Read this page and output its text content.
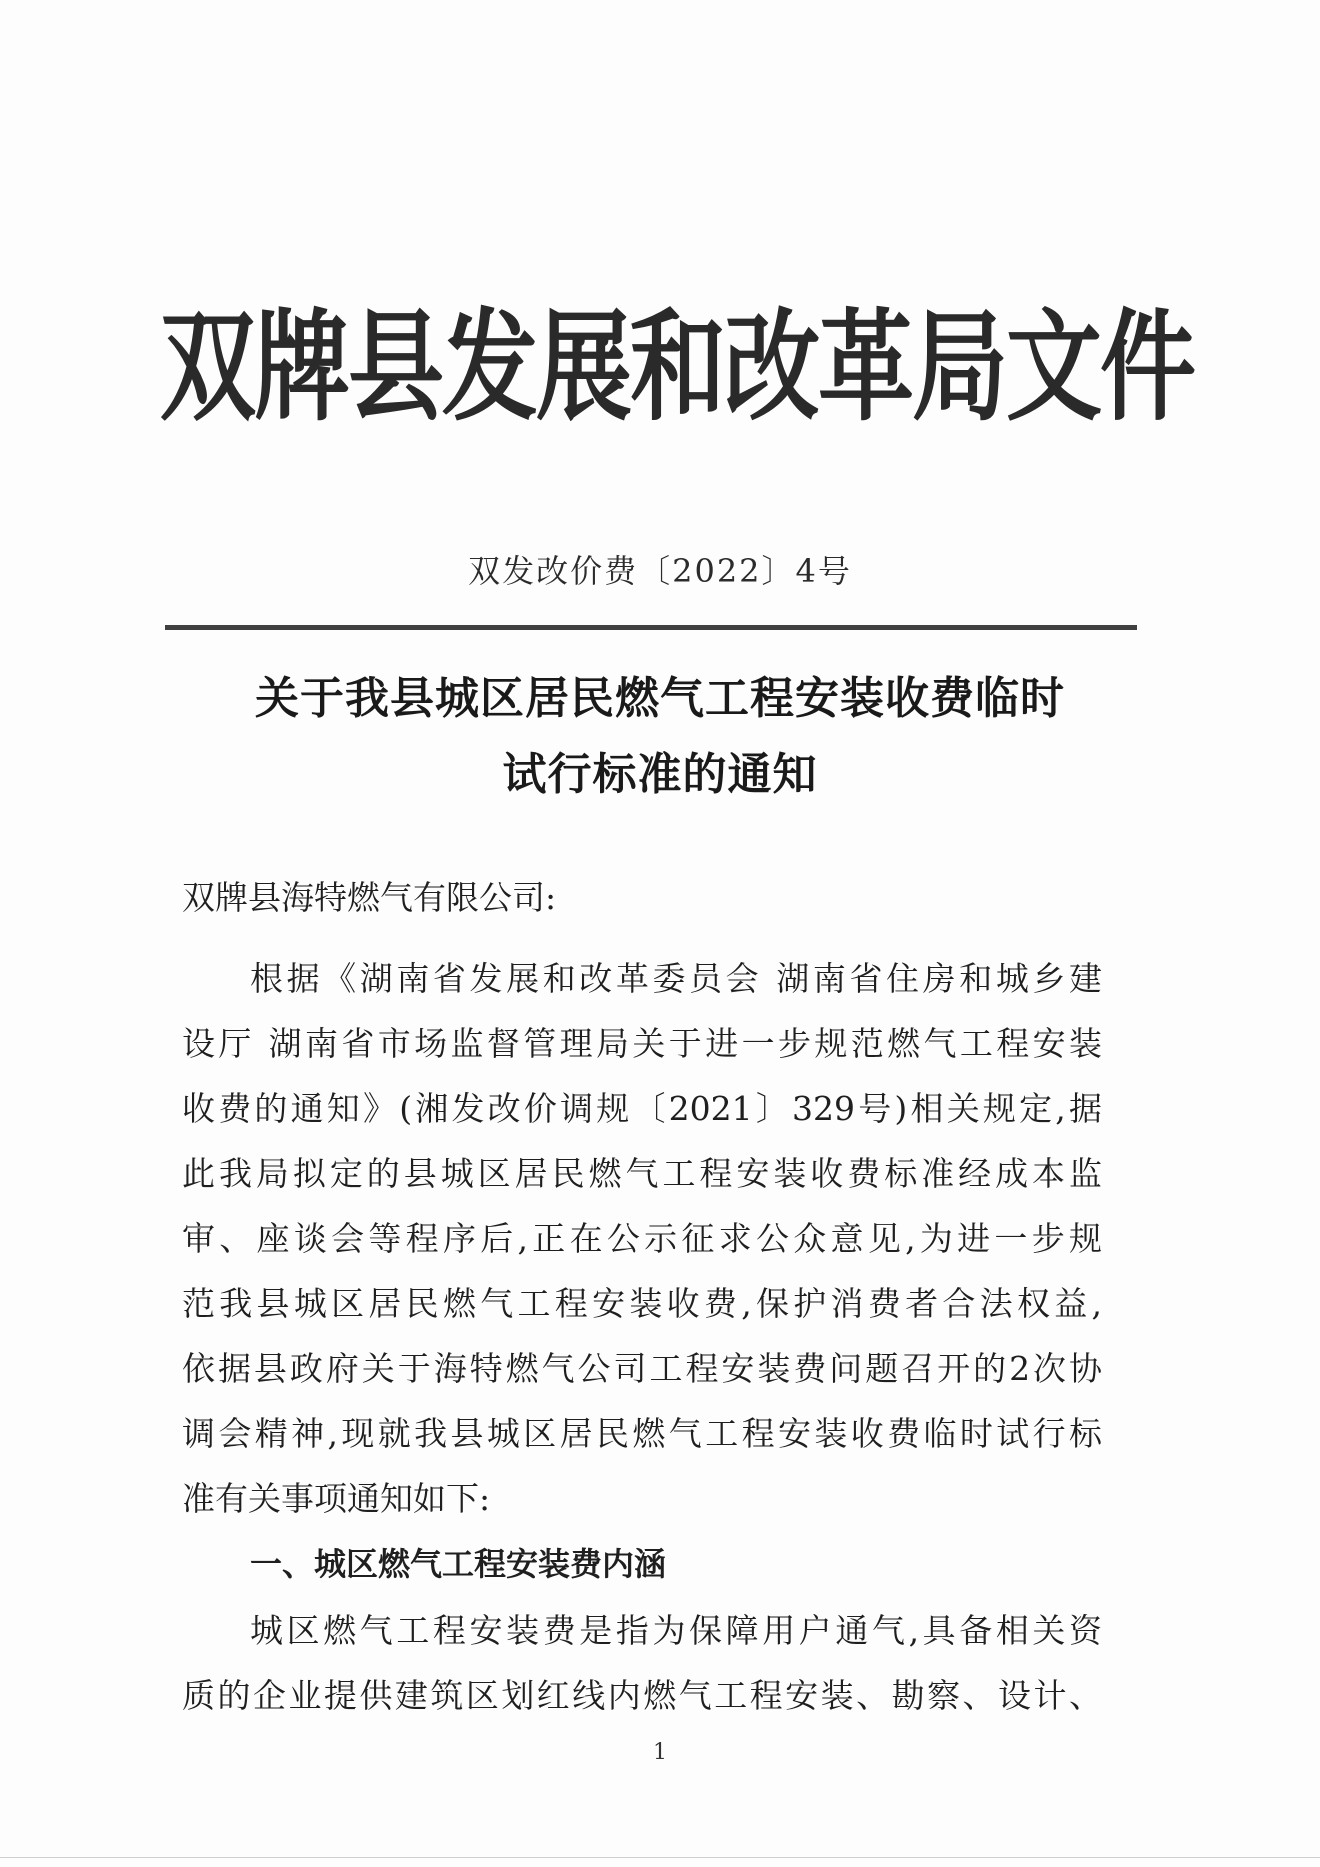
双牌县发展和改革局文件
双发改价费〔2022〕4号
关于我县城区居民燃气工程安装收费临时
试行标准的通知
双牌县海特燃气有限公司:
根据《湖南省发展和改革委员会 湖南省住房和城乡建
设厅 湖南省市场监督管理局关于进一步规范燃气工程安装
收费的通知》(湘发改价调规〔2021〕329号)相关规定,据
此我局拟定的县城区居民燃气工程安装收费标准经成本监
审、座谈会等程序后,正在公示征求公众意见,为进一步规
范我县城区居民燃气工程安装收费,保护消费者合法权益,
依据县政府关于海特燃气公司工程安装费问题召开的2次协
调会精神,现就我县城区居民燃气工程安装收费临时试行标
准有关事项通知如下:
一、城区燃气工程安装费内涵
城区燃气工程安装费是指为保障用户通气,具备相关资
质的企业提供建筑区划红线内燃气工程安装、勘察、设计、
1
